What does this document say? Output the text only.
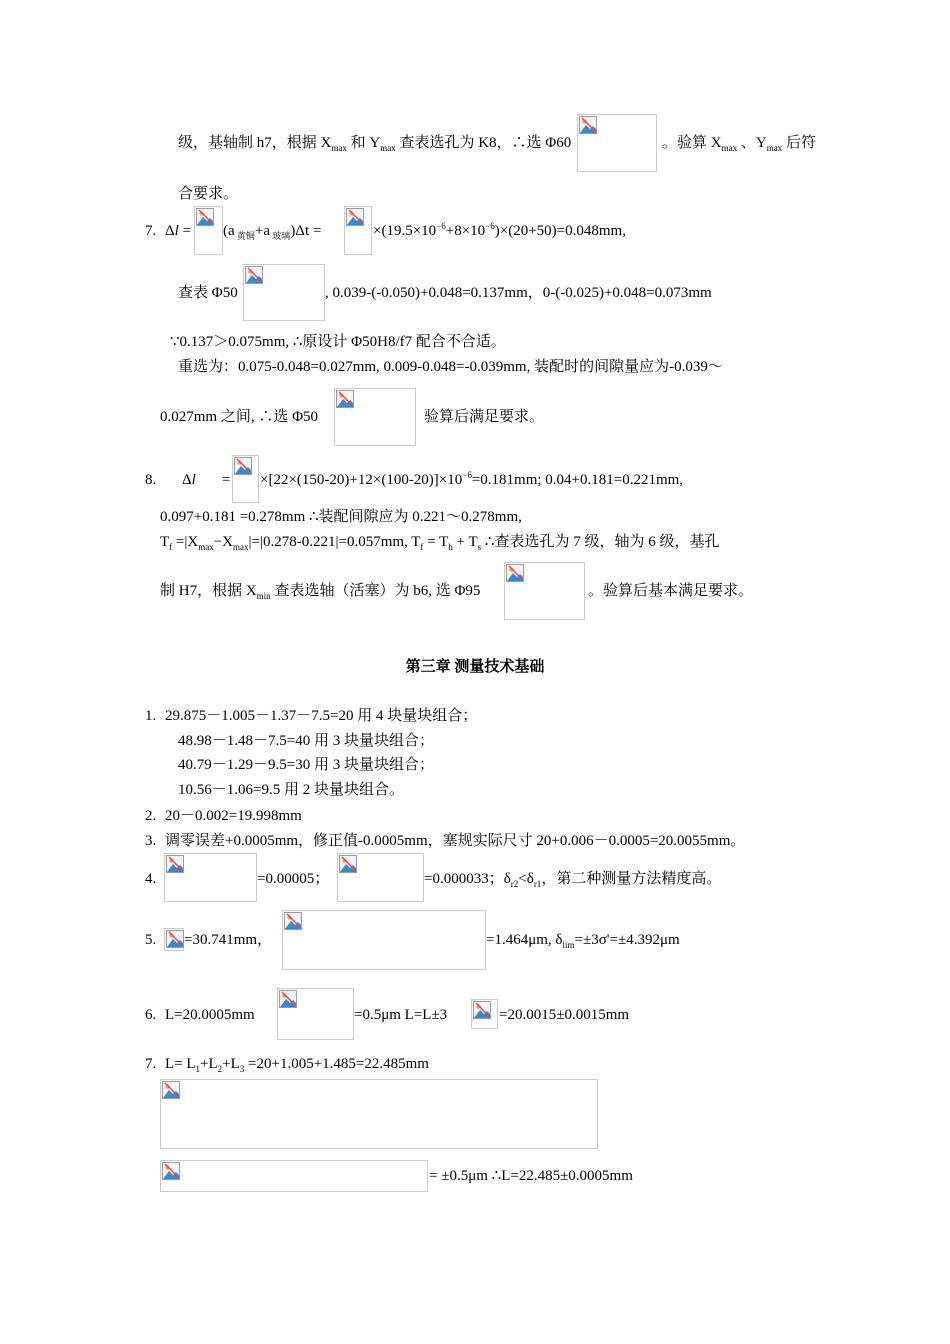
级，基轴制 h7，根据 $X_{max}$ 和 $Y_{max}$ 查表选孔为 K8，∴选 Φ60	。验算 $X_{max}$ 、$Y_{max}$ 后符
合要求。
7. Δl = (a $_{黄铜}$+a $_{玻璃}$)Δt =	$\times(19.5\times 10^{-6}+8\times 10^{-6})\times(20+50)=0.048mm$,
查表 Φ50	, 0.039-(-0.050)+0.048=0.137mm，0-(-0.025)+0.048=0.073mm
∵0.137＞0.075mm, ∴原设计 Φ50H8/f7 配合不合适。
重选为：0.075-0.048=0.027mm, 0.009-0.048=-0.039mm, 装配时的间隙量应为-0.039～
0.027mm 之间, ∴选 Φ50	验算后满足要求。
8. $\Delta l = \times[22\times(150-20)+12\times(100-20)]\times 10^{-6}=0.181mm$; 0.04+0.181=0.221mm,
0.097+0.181 =0.278mm ∴装配间隙应为 0.221～0.278mm,
$T_f =|X_{max}-X_{max}|=|0.278-0.221|=0.057mm$, $T_f = T_h + T_s$ ∴查表选孔为 7 级，轴为 6 级，基孔
制 H7，根据 $X_{min}$ 查表选轴（活塞）为 b6, 选 Φ95	。验算后基本满足要求。
第三章 测量技术基础
1. 29.875－1.005－1.37－7.5=20 用 4 块量块组合；
48.98－1.48－7.5=40 用 3 块量块组合；
40.79－1.29－9.5=30 用 3 块量块组合；
10.56－1.06=9.5 用 2 块量块组合。
2. 20－0.002=19.998mm
3. 调零误差+0.0005mm，修正值-0.0005mm，塞规实际尺寸 20+0.006－0.0005=20.0055mm。
4.	=0.00005；	=0.000033；$\delta_{r2}<\delta_{r1}$，第二种测量方法精度高。
5. =30.741mm，	=1.464μm, $\delta_{lim}=\pm 3\sigma'=\pm 4.392\mu m$
6. L=20.0005mm	=0.5μm L=L±3	=20.0015±0.0015mm
7. $L= L_1+L_2+L_3 =20+1.005+1.485=22.485mm$
= ±0.5μm ∴L=22.485±0.0005mm
